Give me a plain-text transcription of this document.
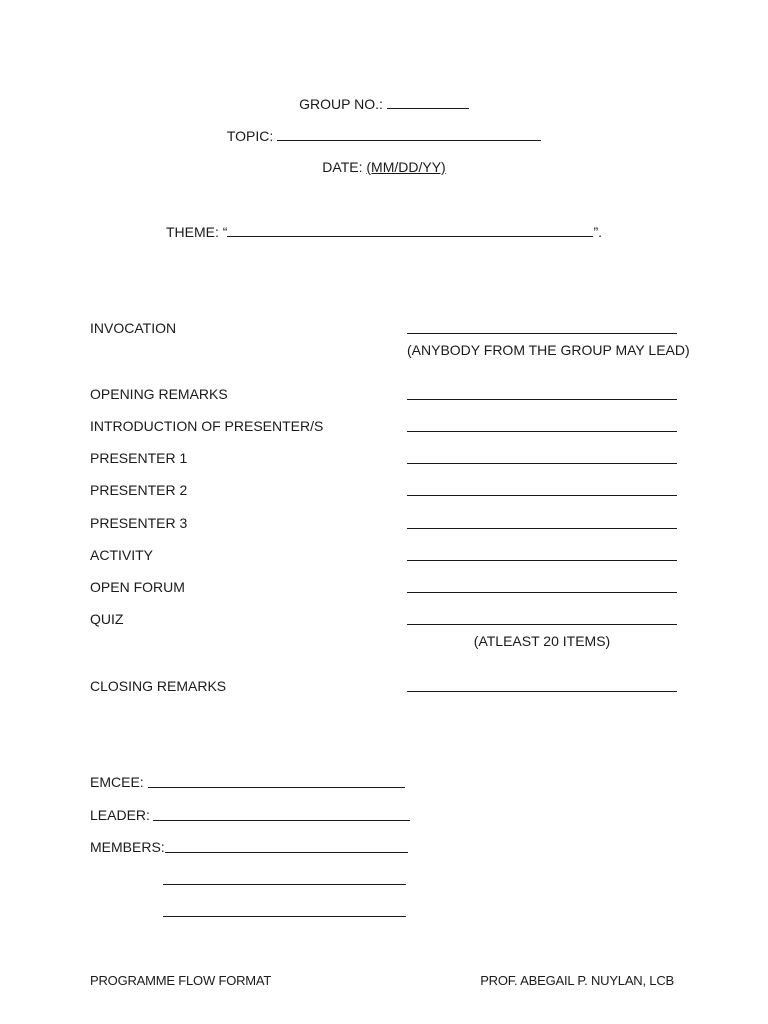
GROUP NO.:
TOPIC:
DATE: (MM/DD/YY)
THEME: “	”.
INVOCATION
(ANYBODY FROM THE GROUP MAY LEAD)
OPENING REMARKS
INTRODUCTION OF PRESENTER/S
PRESENTER 1
PRESENTER 2
PRESENTER 3
ACTIVITY
OPEN FORUM
QUIZ
(ATLEAST 20 ITEMS)
CLOSING REMARKS
EMCEE:
LEADER:
MEMBERS:
PROGRAMME FLOW FORMAT	PROF. ABEGAIL P. NUYLAN, LCB
